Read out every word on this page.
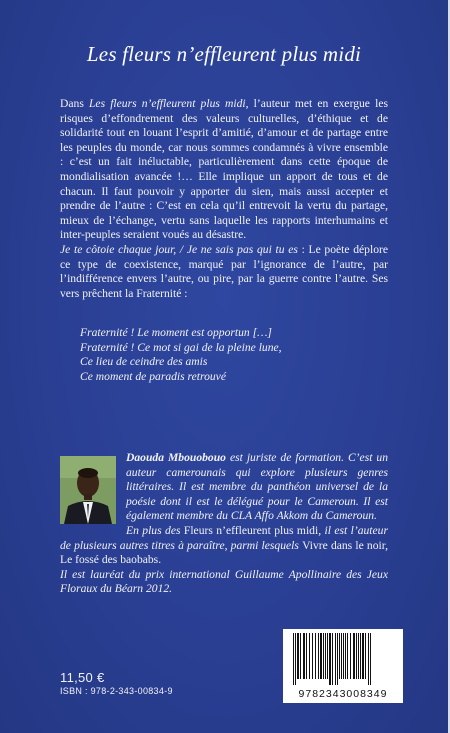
Les fleurs n’effleurent plus midi

Dans Les fleurs n’effleurent plus midi, l’auteur met en exergue les risques d’effondrement des valeurs culturelles, d’éthique et de solidarité tout en louant l’esprit d’amitié, d’amour et de partage entre les peuples du monde, car nous sommes condamnés à vivre ensemble : c’est un fait inéluctable, particulièrement dans cette époque de mondialisation avancée !… Elle implique un apport de tous et de chacun. Il faut pouvoir y apporter du sien, mais aussi accepter et prendre de l’autre : C’est en cela qu’il entrevoit la vertu du partage, mieux de l’échange, vertu sans laquelle les rapports interhumains et inter-peuples seraient voués au désastre.

Je te côtoie chaque jour, / Je ne sais pas qui tu es : Le poète déplore ce type de coexistence, marqué par l’ignorance de l’autre, par l’indifférence envers l’autre, ou pire, par la guerre contre l’autre. Ses vers prêchent la Fraternité :

Fraternité ! Le moment est opportun […]
Fraternité ! Ce mot si gai de la pleine lune,
Ce lieu de ceindre des amis
Ce moment de paradis retrouvé

Daouda Mbouobouo est juriste de formation. C’est un auteur camerounais qui explore plusieurs genres littéraires. Il est membre du panthéon universel de la poésie dont il est le délégué pour le Cameroun. Il est également membre du CLA Affo Akkom du Cameroun.

En plus des Fleurs n’effleurent plus midi, il est l’auteur de plusieurs autres titres à paraître, parmi lesquels Vivre dans le noir, Le fossé des baobabs.

Il est lauréat du prix international Guillaume Apollinaire des Jeux Floraux du Béarn 2012.

11,50 €
ISBN : 978-2-343-00834-9	9782343008349
